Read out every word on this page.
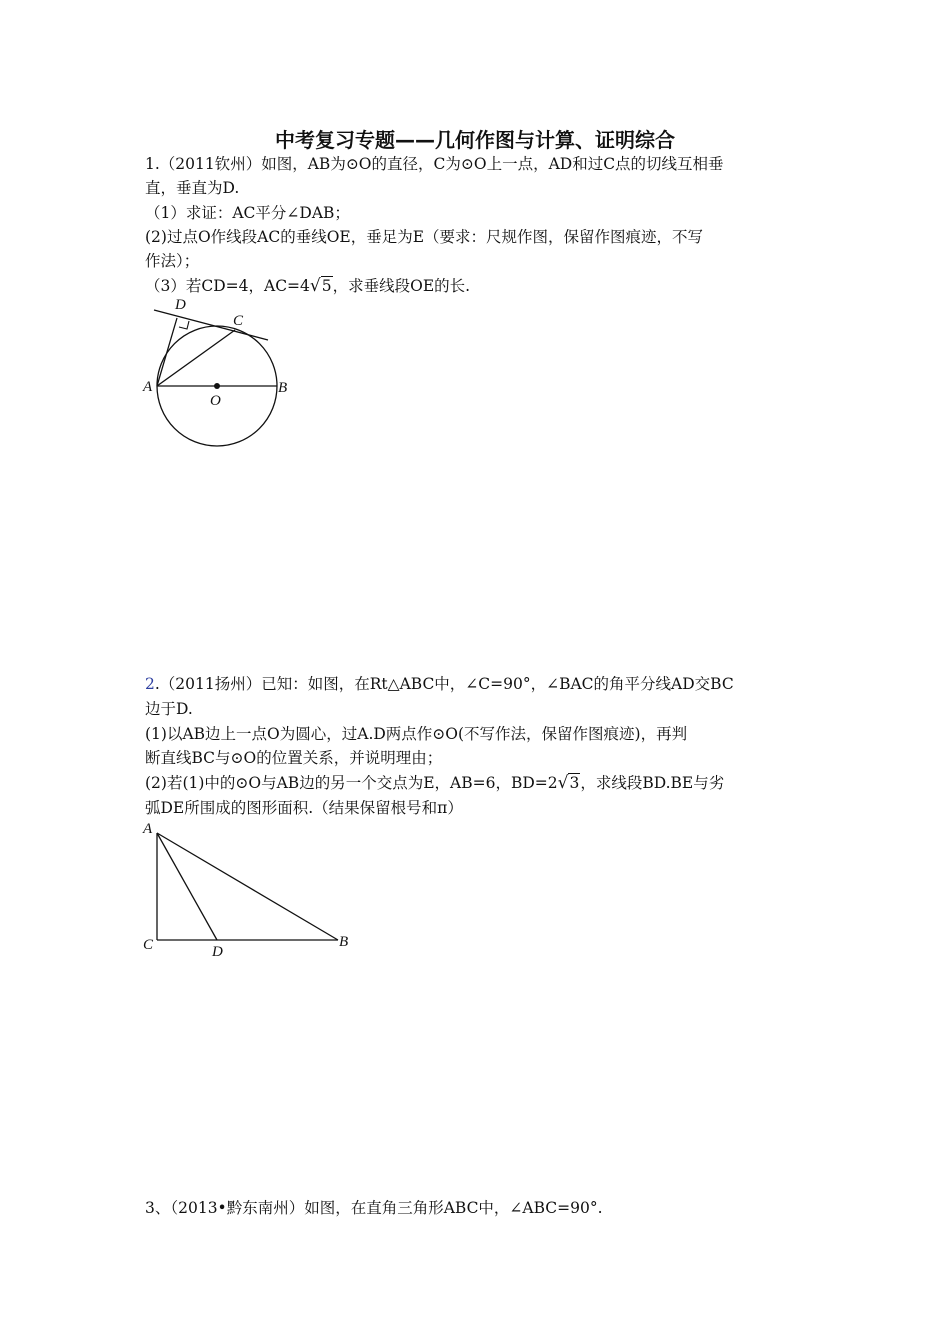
中考复习专题——几何作图与计算、证明综合
1.（2011钦州）如图，AB为⊙O的直径，C为⊙O上一点，AD和过C点的切线互相垂
直，垂直为D.
（1）求证：AC平分∠DAB；
(2)过点O作线段AC的垂线OE，垂足为E（要求：尺规作图，保留作图痕迹，不写
作法）；
（3）若CD=4，AC=4√5，求垂线段OE的长.
A	B
C
D
O
2.（2011扬州）已知：如图，在Rt△ABC中，∠C=90°，∠BAC的角平分线AD交BC
边于D.
(1)以AB边上一点O为圆心，过A.D两点作⊙O(不写作法，保留作图痕迹)，再判
断直线BC与⊙O的位置关系，并说明理由；
(2)若(1)中的⊙O与AB边的另一个交点为E，AB=6，BD=2√3，求线段BD.BE与劣
弧DE所围成的图形面积.（结果保留根号和π）
A
C	D
B
3、（2013•黔东南州）如图，在直角三角形ABC中，∠ABC=90°.
